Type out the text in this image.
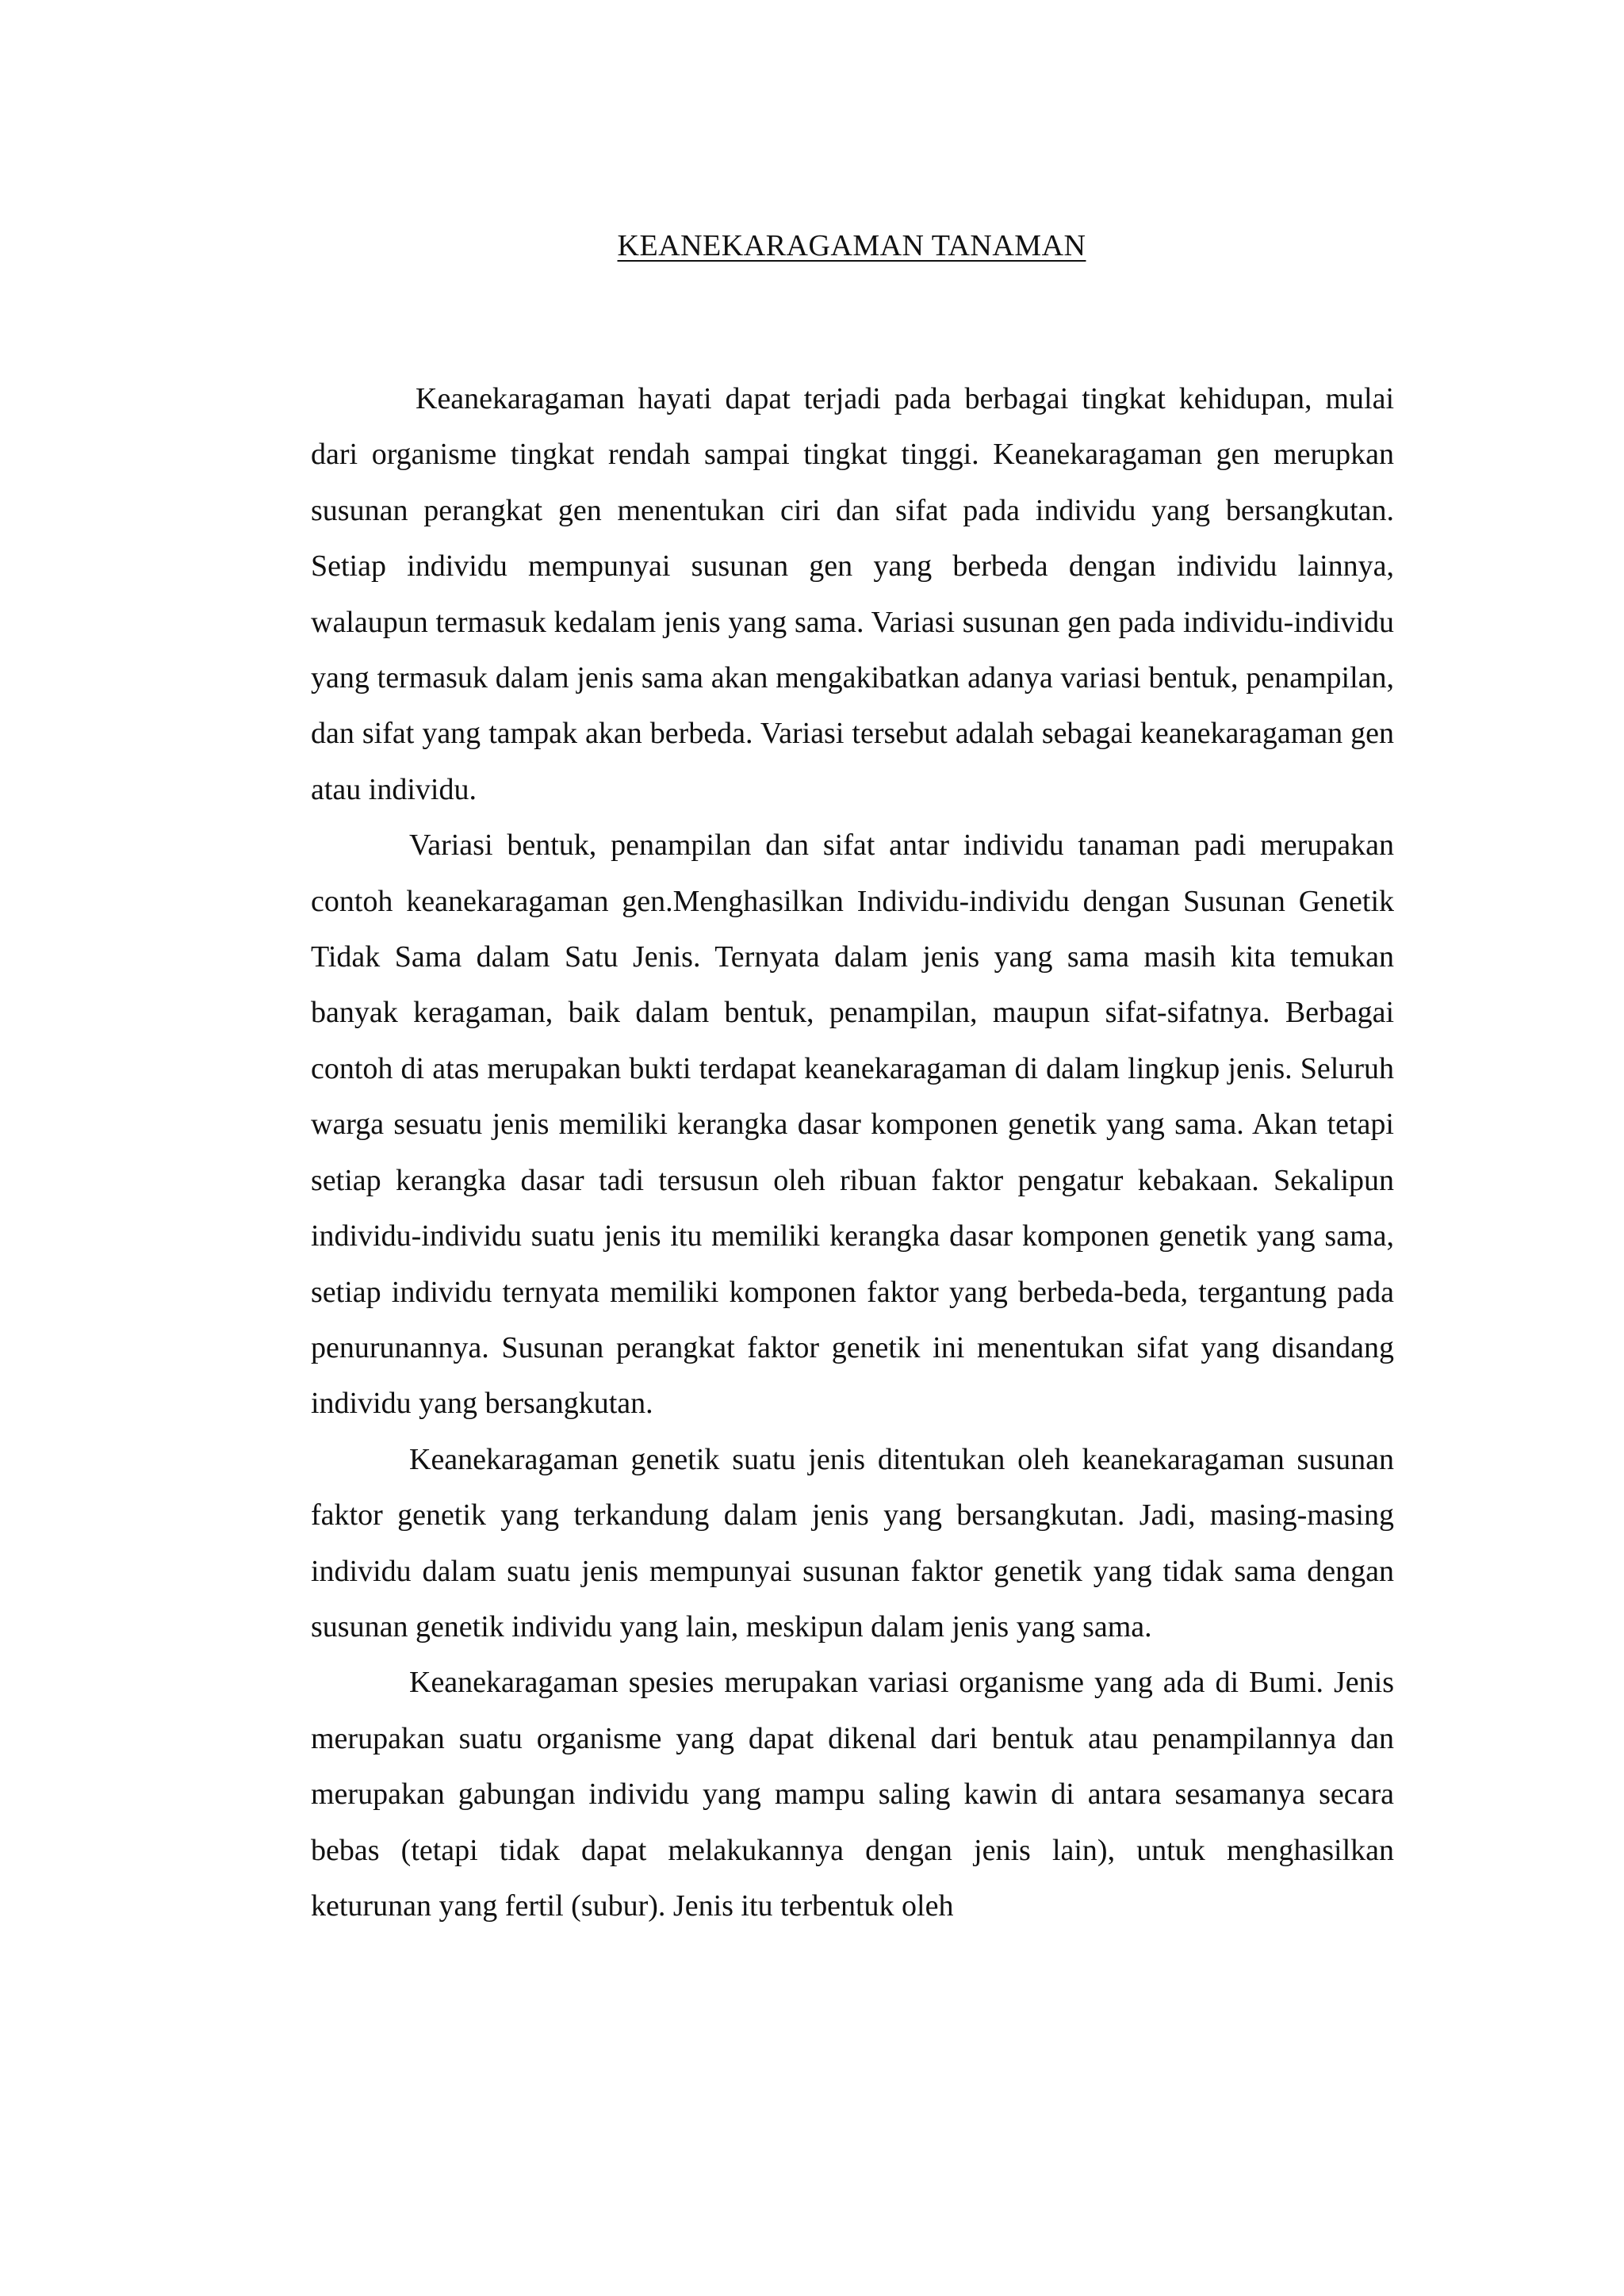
KEANEKARAGAMAN TANAMAN

Keanekaragaman hayati dapat terjadi pada berbagai tingkat kehidupan, mulai dari organisme tingkat rendah sampai tingkat tinggi. Keanekaragaman gen merupkan susunan perangkat gen menentukan ciri dan sifat pada individu yang bersangkutan. Setiap individu mempunyai susunan gen yang berbeda dengan individu lainnya, walaupun termasuk kedalam jenis yang sama. Variasi susunan gen pada individu-individu yang termasuk dalam jenis sama akan mengakibatkan adanya variasi bentuk, penampilan, dan sifat yang tampak akan berbeda. Variasi tersebut adalah sebagai keanekaragaman gen atau individu.

Variasi bentuk, penampilan dan sifat antar individu tanaman padi merupakan contoh keanekaragaman gen.Menghasilkan Individu-individu dengan Susunan Genetik Tidak Sama dalam Satu Jenis. Ternyata dalam jenis yang sama masih kita temukan banyak keragaman, baik dalam bentuk, penampilan, maupun sifat-sifatnya. Berbagai contoh di atas merupakan bukti terdapat keanekaragaman di dalam lingkup jenis. Seluruh warga sesuatu jenis memiliki kerangka dasar komponen genetik yang sama. Akan tetapi setiap kerangka dasar tadi tersusun oleh ribuan faktor pengatur kebakaan. Sekalipun individu-individu suatu jenis itu memiliki kerangka dasar komponen genetik yang sama, setiap individu ternyata memiliki komponen faktor yang berbeda-beda, tergantung pada penurunannya. Susunan perangkat faktor genetik ini menentukan sifat yang disandang individu yang bersangkutan.

Keanekaragaman genetik suatu jenis ditentukan oleh keanekaragaman susunan faktor genetik yang terkandung dalam jenis yang bersangkutan. Jadi, masing-masing individu dalam suatu jenis mempunyai susunan faktor genetik yang tidak sama dengan susunan genetik individu yang lain, meskipun dalam jenis yang sama.

Keanekaragaman spesies merupakan variasi organisme yang ada di Bumi. Jenis merupakan suatu organisme yang dapat dikenal dari bentuk atau penampilannya dan merupakan gabungan individu yang mampu saling kawin di antara sesamanya secara bebas (tetapi tidak dapat melakukannya dengan jenis lain), untuk menghasilkan keturunan yang fertil (subur). Jenis itu terbentuk oleh
